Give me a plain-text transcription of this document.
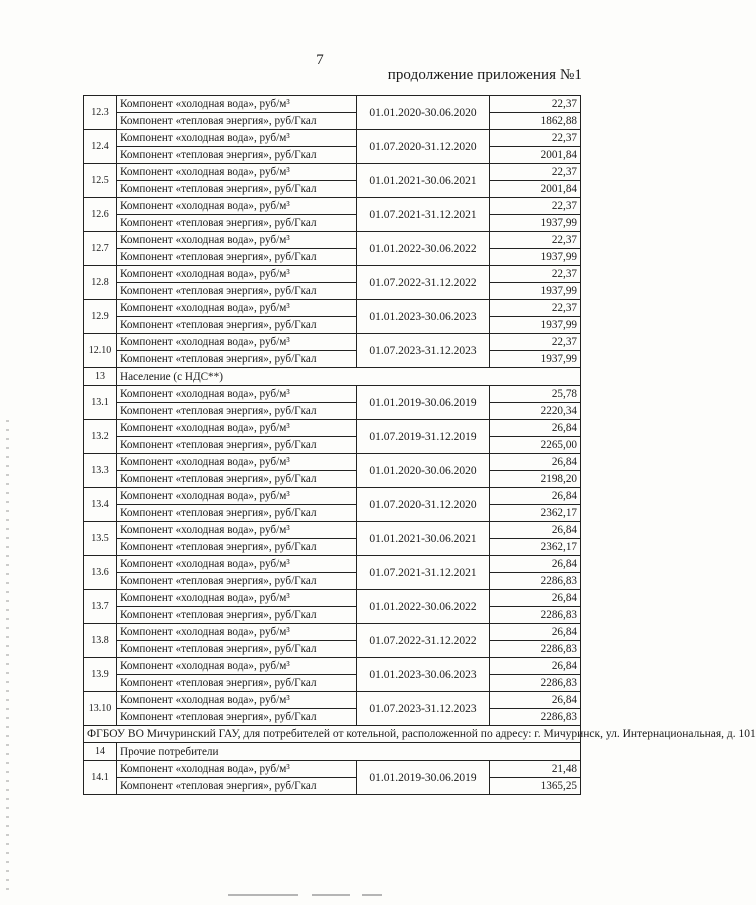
7
продолжение приложения №1
12.3	Компонент «холодная вода», руб/м³	01.01.2020-30.06.2020	22,37
	Компонент «тепловая энергия», руб/Гкал		1862,88
12.4	Компонент «холодная вода», руб/м³	01.07.2020-31.12.2020	22,37
	Компонент «тепловая энергия», руб/Гкал		2001,84
12.5	Компонент «холодная вода», руб/м³	01.01.2021-30.06.2021	22,37
	Компонент «тепловая энергия», руб/Гкал		2001,84
12.6	Компонент «холодная вода», руб/м³	01.07.2021-31.12.2021	22,37
	Компонент «тепловая энергия», руб/Гкал		1937,99
12.7	Компонент «холодная вода», руб/м³	01.01.2022-30.06.2022	22,37
	Компонент «тепловая энергия», руб/Гкал		1937,99
12.8	Компонент «холодная вода», руб/м³	01.07.2022-31.12.2022	22,37
	Компонент «тепловая энергия», руб/Гкал		1937,99
12.9	Компонент «холодная вода», руб/м³	01.01.2023-30.06.2023	22,37
	Компонент «тепловая энергия», руб/Гкал		1937,99
12.10	Компонент «холодная вода», руб/м³	01.07.2023-31.12.2023	22,37
	Компонент «тепловая энергия», руб/Гкал		1937,99
13	Население (с НДС**)		
13.1	Компонент «холодная вода», руб/м³	01.01.2019-30.06.2019	25,78
	Компонент «тепловая энергия», руб/Гкал		2220,34
13.2	Компонент «холодная вода», руб/м³	01.07.2019-31.12.2019	26,84
	Компонент «тепловая энергия», руб/Гкал		2265,00
13.3	Компонент «холодная вода», руб/м³	01.01.2020-30.06.2020	26,84
	Компонент «тепловая энергия», руб/Гкал		2198,20
13.4	Компонент «холодная вода», руб/м³	01.07.2020-31.12.2020	26,84
	Компонент «тепловая энергия», руб/Гкал		2362,17
13.5	Компонент «холодная вода», руб/м³	01.01.2021-30.06.2021	26,84
	Компонент «тепловая энергия», руб/Гкал		2362,17
13.6	Компонент «холодная вода», руб/м³	01.07.2021-31.12.2021	26,84
	Компонент «тепловая энергия», руб/Гкал		2286,83
13.7	Компонент «холодная вода», руб/м³	01.01.2022-30.06.2022	26,84
	Компонент «тепловая энергия», руб/Гкал		2286,83
13.8	Компонент «холодная вода», руб/м³	01.07.2022-31.12.2022	26,84
	Компонент «тепловая энергия», руб/Гкал		2286,83
13.9	Компонент «холодная вода», руб/м³	01.01.2023-30.06.2023	26,84
	Компонент «тепловая энергия», руб/Гкал		2286,83
13.10	Компонент «холодная вода», руб/м³	01.07.2023-31.12.2023	26,84
	Компонент «тепловая энергия», руб/Гкал		2286,83
ФГБОУ ВО Мичуринский ГАУ, для потребителей от котельной, расположенной по адресу: г. Мичуринск, ул. Интернациональная, д. 101			
14	Прочие потребители		
14.1	Компонент «холодная вода», руб/м³	01.01.2019-30.06.2019	21,48
	Компонент «тепловая энергия», руб/Гкал		1365,25
